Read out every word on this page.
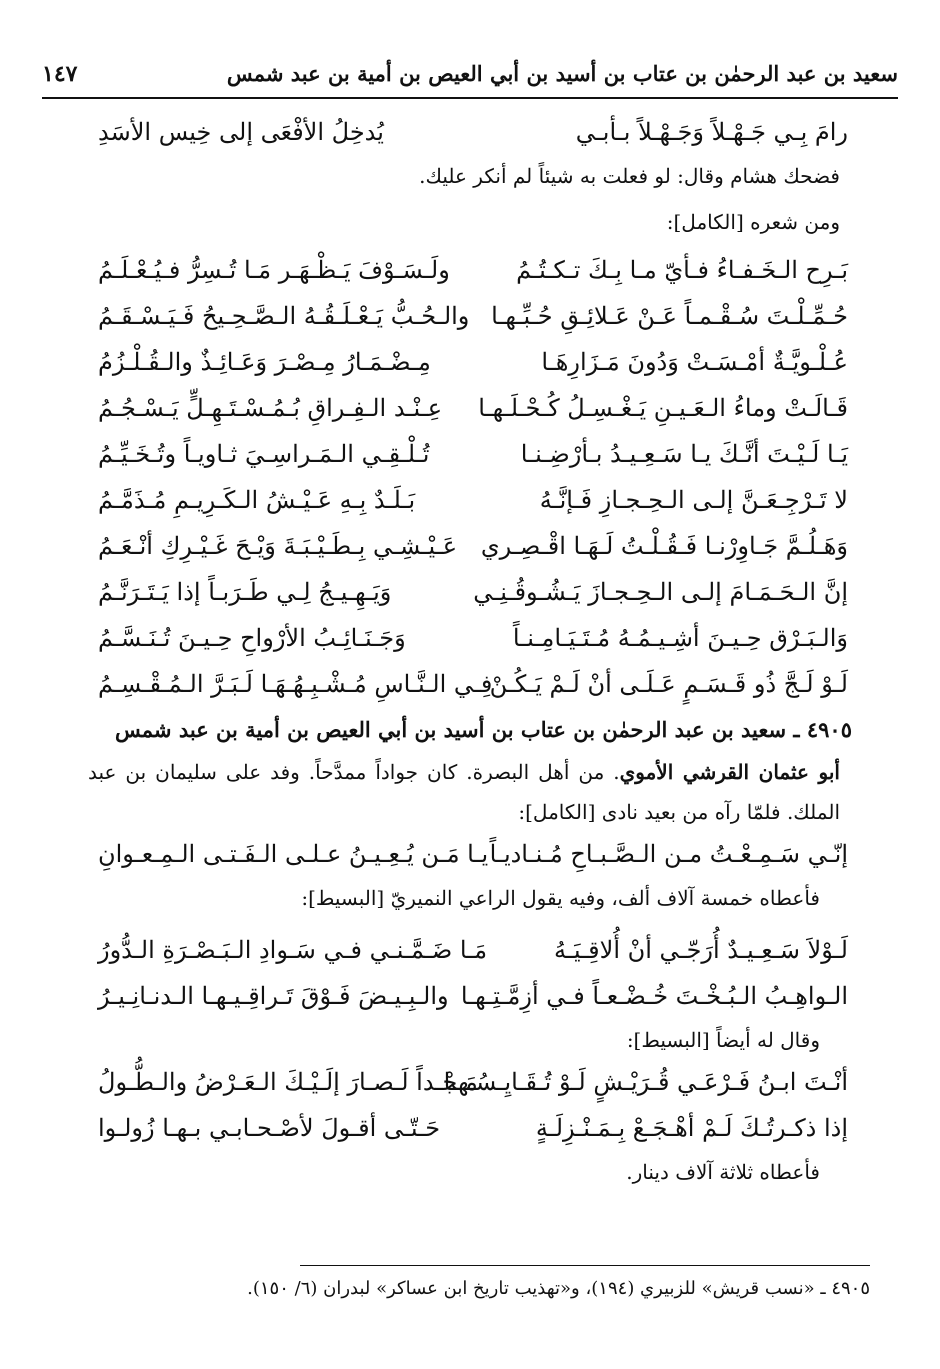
سعيد بن عبد الرحمٰن بن عتاب بن أسيد بن أبي العيص بن أمية بن عبد شمس
١٤٧
رامَ بِـي جَـهْـلاً وَجَـهْـلاً بـأبـي
يُدخِلُ الأفْعَى إلى خِيس الأسَدِ
فضحك هشام وقال: لو فعلت به شيئاً لم أنكر عليك.
ومن شعره [الكامل]:
بَـرِح الـخَـفـاءُ فـأيّ مـا بِـكَ تـكـتُـمُ
ولَـسَـوْفَ يَـظْـهَـر مَـا تُـسِرُّ فـيُـعْـلَـمُ
حُـمِّـلْـتَ سُـقْـمـاً عَـنْ عَـلائِـقِ حُـبِّـهـا
والـحُـبُّ يَـعْـلَـقُـهُ الـصَّـحِـيحُ فَـيَـسْـقَـمُ
عُـلْـويَّـةٌ أمْـسَـتْ وَدُونَ مَـزَارِهَـا
مِـضْـمَـارُ مِـصْـرَ وَعَـائِـذٌ والـقُـلْـزُمُ
قَـالَـتْ وماءُ الـعَـيـنِ يَـغْـسِـلُ كُـحْـلَـهـا
عِـنْـد الـفِـراقِ بُـمُـسْـتَـهِـلٍّ يَـسْـجُـمُ
يَـا لَـيْـتَ أنَّـكَ يـا سَـعِـيـدُ بـأرْضِـنـا
تُـلْـقِـي الـمَـراسِـيَ ثـاويـاً وتُـخَـيِّـمُ
لا تَـرْجِـعَـنَّ إلـى الـحِـجـازِ فَـإنَّـهُ
بَـلَـدٌ بِـهِ عَـيْـشُ الـكَـرِيـمِ مُـذَمَّـمُ
وَهَـلُـمَّ جَـاوِرْنـا فَـقُـلْـتُ لَـهَـا اقْـصِـري
عَـيْـشِـي بِـطَـيْـبَـةَ وَيْـحَ غَـيْـرِكِ أنْـعَـمُ
إنَّ الـحَـمَـامَ إلـى الـحِـجـازَ يَـشُـوقُـنِـي
وَيَـهِـيـجُ لِـي طَـرَبـاً إذا يَـتَـرَنَّـمُ
وَالـبَـرْق حِـيـنَ أشِـيـمُـهُ مُـتَـيَـامِـنـاً
وَجَـنَـائِـبُ الأرْواحِ حِـيـنَ تُـنَـسَّـمُ
لَـوْ لَـجَّ ذُو قَـسَـمٍ عَـلَـى أنْ لَـمْ يَـكُـنْ
فِـي الـنَّـاسِ مُـشْـبِـهُـهَـا لَـبَـرَّ الـمُـقْـسِـمُ
٤٩٠٥ ـ سعيد بن عبد الرحمٰن بن عتاب بن أسيد بن أبي العيص بن أمية بن عبد شمس
أبو عثمان القرشي الأموي. من أهل البصرة. كان جواداً ممدَّحاً. وفد على سليمان بن عبد الملك. فلمّا رآه من بعيد نادى [الكامل]:
إنّـي سَـمِـعْـتُ مـن الـصَّـبـاحِ مُـنـاديـاً
يـا مَـن يُـعِـيـنُ عـلـى الـفَـتـى الـمِـعـوانِ
فأعطاه خمسة آلاف ألف، وفيه يقول الراعي النميريّ [البسيط]:
لَـوْلاَ سَـعِـيـدٌ أُرَجّـي أنْ أُلاقِـيَـهُ
مَـا ضَـمَّـنـي فـي سَـوادِ الـبَـصْـرَةِ الـدُّورُ
الـواهِـبُ الـبُـخْـتَ خُـضْـعـاً فـي أزِمَّـتِـهـا
والـبِـيـضَ فَـوْقَ تَـراقِـيـهـا الـدنـانِـيـرُ
وقال له أيضاً [البسيط]:
أنْـتَ ابـنُ فَـرْعَـي قُـرَيْـشٍ لَـوْ تُـقَـايِـسُـهـا
مَـجْـداً لَـصـارَ إلَـيْـكَ الـعَـرْضُ والـطُّـولُ
إذا ذكـرتُـكَ لَـمْ أهْـجَـعْ بِـمَـنْـزِلَـةٍ
حَـتّـى أقـولَ لأصْـحـابـي بـهـا زُولـوا
فأعطاه ثلاثة آلاف دينار.
٤٩٠٥ ـ «نسب قريش» للزبيري (١٩٤)، و«تهذيب تاريخ ابن عساكر» لبدران (٦/ ١٥٠).
